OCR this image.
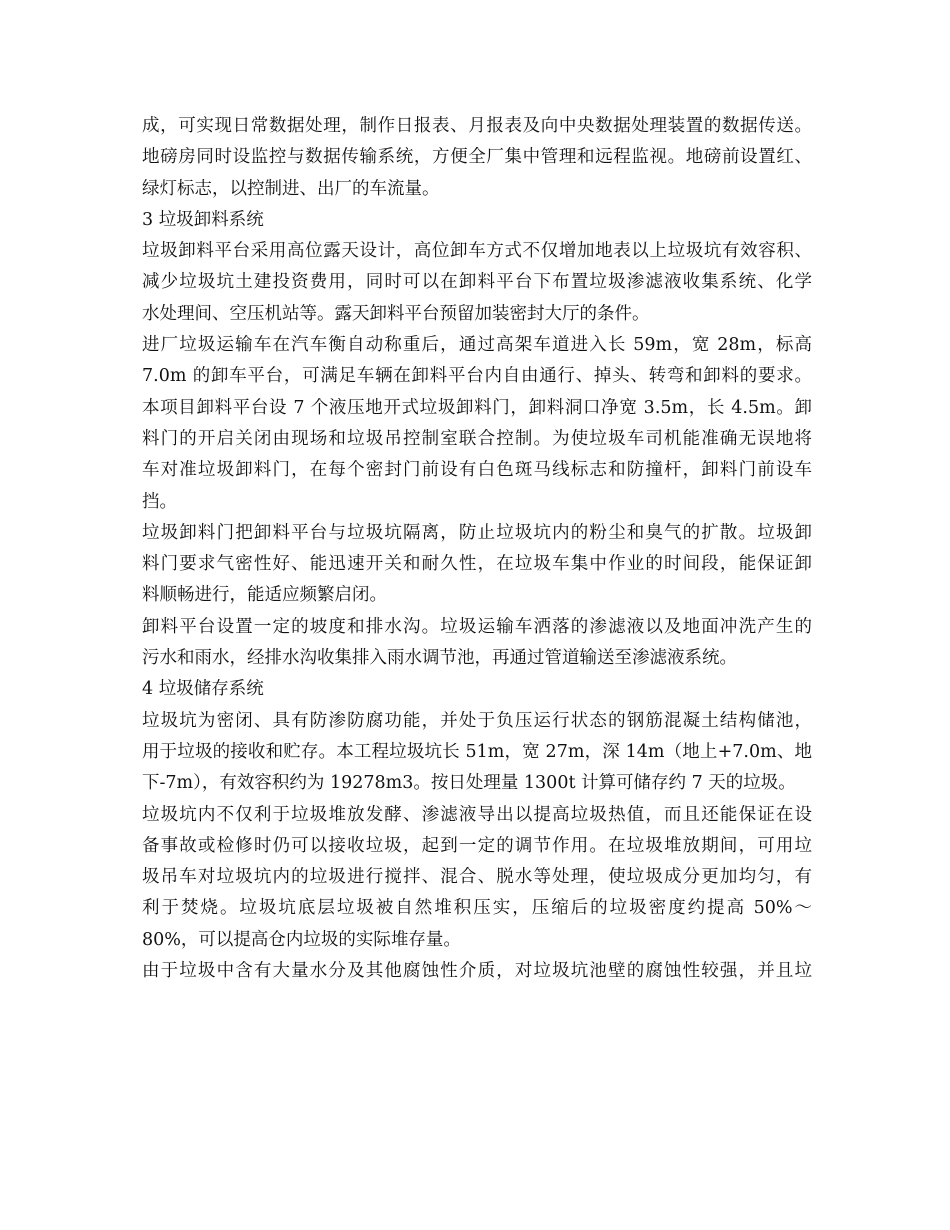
成，可实现日常数据处理，制作日报表、月报表及向中央数据处理装置的数据传送。
地磅房同时设监控与数据传输系统，方便全厂集中管理和远程监视。地磅前设置红、
绿灯标志，以控制进、出厂的车流量。
3 垃圾卸料系统
垃圾卸料平台采用高位露天设计，高位卸车方式不仅增加地表以上垃圾坑有效容积、
减少垃圾坑土建投资费用，同时可以在卸料平台下布置垃圾渗滤液收集系统、化学
水处理间、空压机站等。露天卸料平台预留加装密封大厅的条件。
进厂垃圾运输车在汽车衡自动称重后，通过高架车道进入长 59m，宽 28m，标高
7.0m 的卸车平台，可满足车辆在卸料平台内自由通行、掉头、转弯和卸料的要求。
本项目卸料平台设 7 个液压地开式垃圾卸料门，卸料洞口净宽 3.5m，长 4.5m。卸
料门的开启关闭由现场和垃圾吊控制室联合控制。为使垃圾车司机能准确无误地将
车对准垃圾卸料门，在每个密封门前设有白色斑马线标志和防撞杆，卸料门前设车
挡。
垃圾卸料门把卸料平台与垃圾坑隔离，防止垃圾坑内的粉尘和臭气的扩散。垃圾卸
料门要求气密性好、能迅速开关和耐久性，在垃圾车集中作业的时间段，能保证卸
料顺畅进行，能适应频繁启闭。
卸料平台设置一定的坡度和排水沟。垃圾运输车洒落的渗滤液以及地面冲洗产生的
污水和雨水，经排水沟收集排入雨水调节池，再通过管道输送至渗滤液系统。
4 垃圾储存系统
垃圾坑为密闭、具有防渗防腐功能，并处于负压运行状态的钢筋混凝土结构储池，
用于垃圾的接收和贮存。本工程垃圾坑长 51m，宽 27m，深 14m（地上+7.0m、地
下-7m），有效容积约为 19278m3。按日处理量 1300t 计算可储存约 7 天的垃圾。
垃圾坑内不仅利于垃圾堆放发酵、渗滤液导出以提高垃圾热值，而且还能保证在设
备事故或检修时仍可以接收垃圾，起到一定的调节作用。在垃圾堆放期间，可用垃
圾吊车对垃圾坑内的垃圾进行搅拌、混合、脱水等处理，使垃圾成分更加均匀，有
利于焚烧。垃圾坑底层垃圾被自然堆积压实，压缩后的垃圾密度约提高 50%～
80%，可以提高仓内垃圾的实际堆存量。
由于垃圾中含有大量水分及其他腐蚀性介质，对垃圾坑池壁的腐蚀性较强，并且垃
